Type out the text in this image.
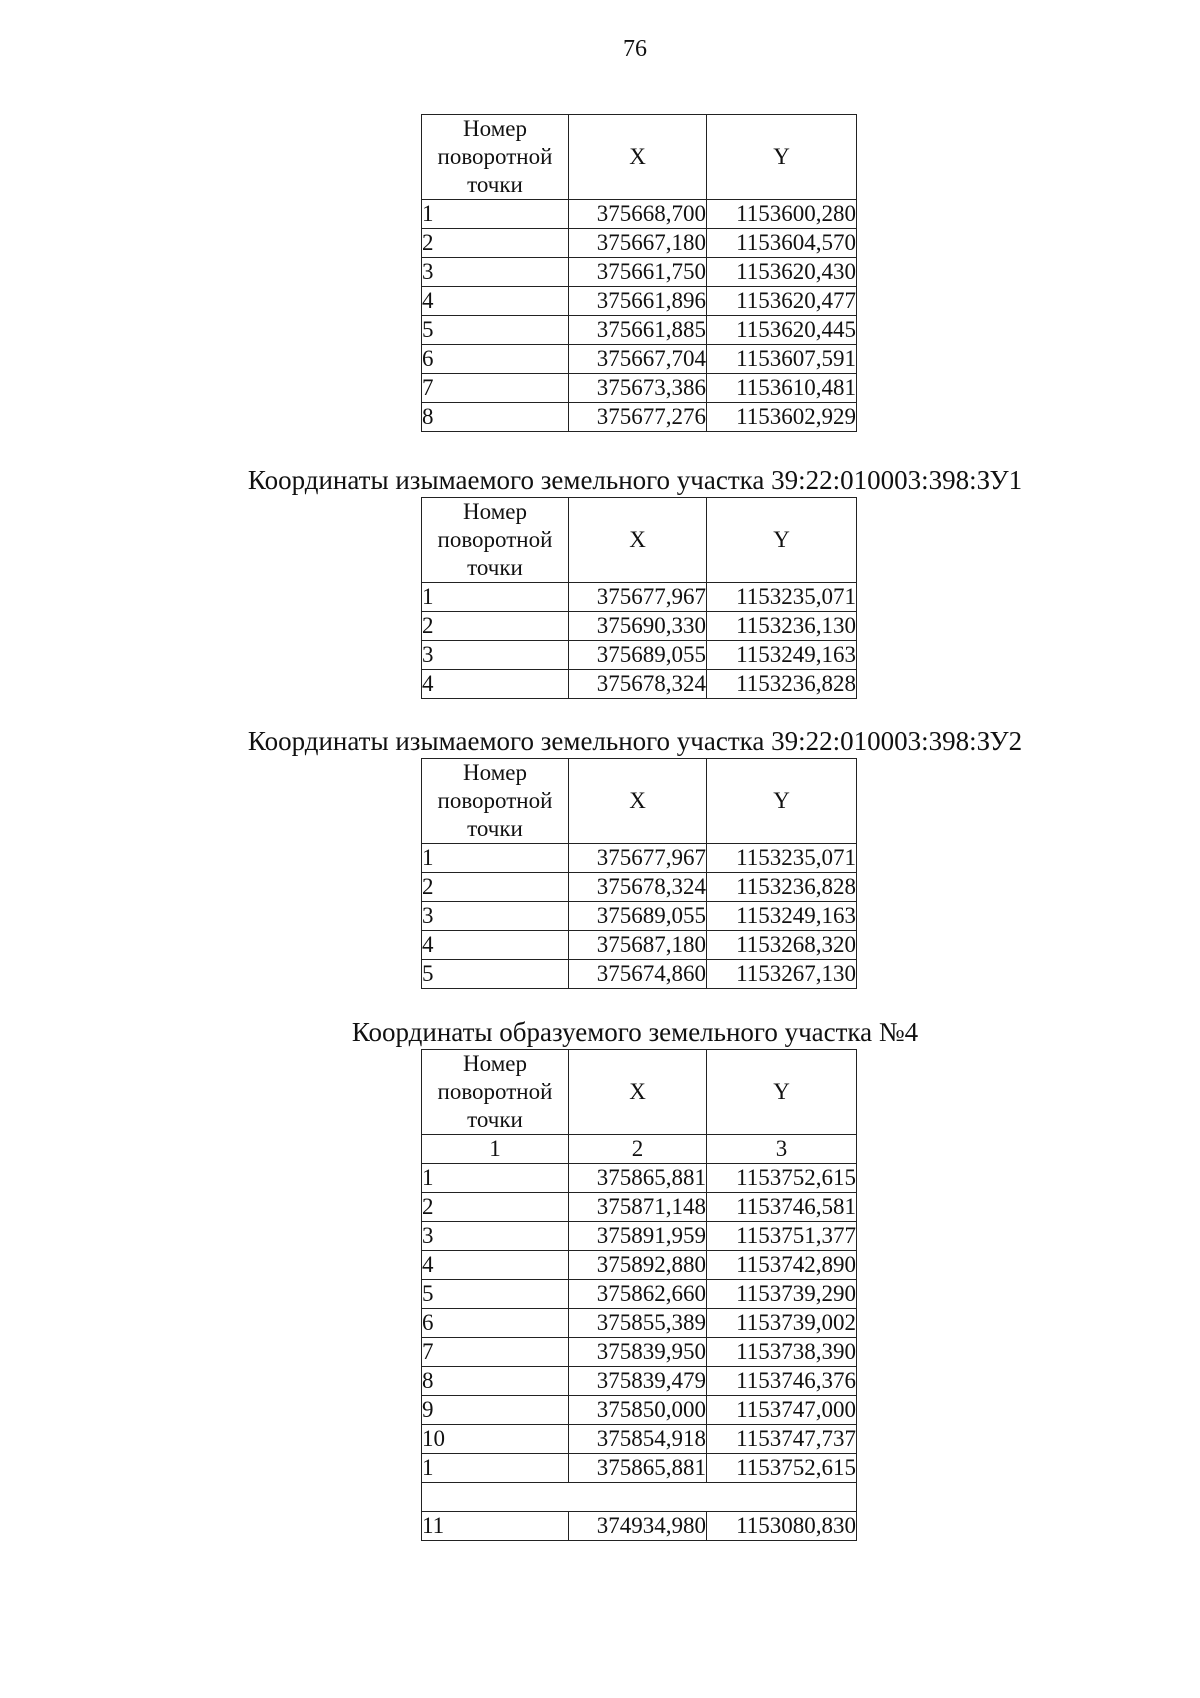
76
Номер поворотной точки	X	Y
1	375668,700	1153600,280
2	375667,180	1153604,570
3	375661,750	1153620,430
4	375661,896	1153620,477
5	375661,885	1153620,445
6	375667,704	1153607,591
7	375673,386	1153610,481
8	375677,276	1153602,929
Координаты изымаемого земельного участка 39:22:010003:398:ЗУ1
Номер поворотной точки	X	Y
1	375677,967	1153235,071
2	375690,330	1153236,130
3	375689,055	1153249,163
4	375678,324	1153236,828
Координаты изымаемого земельного участка 39:22:010003:398:ЗУ2
Номер поворотной точки	X	Y
1	375677,967	1153235,071
2	375678,324	1153236,828
3	375689,055	1153249,163
4	375687,180	1153268,320
5	375674,860	1153267,130
Координаты образуемого земельного участка №4
Номер поворотной точки	X	Y
1	2	3
1	375865,881	1153752,615
2	375871,148	1153746,581
3	375891,959	1153751,377
4	375892,880	1153742,890
5	375862,660	1153739,290
6	375855,389	1153739,002
7	375839,950	1153738,390
8	375839,479	1153746,376
9	375850,000	1153747,000
10	375854,918	1153747,737
1	375865,881	1153752,615

11	374934,980	1153080,830
